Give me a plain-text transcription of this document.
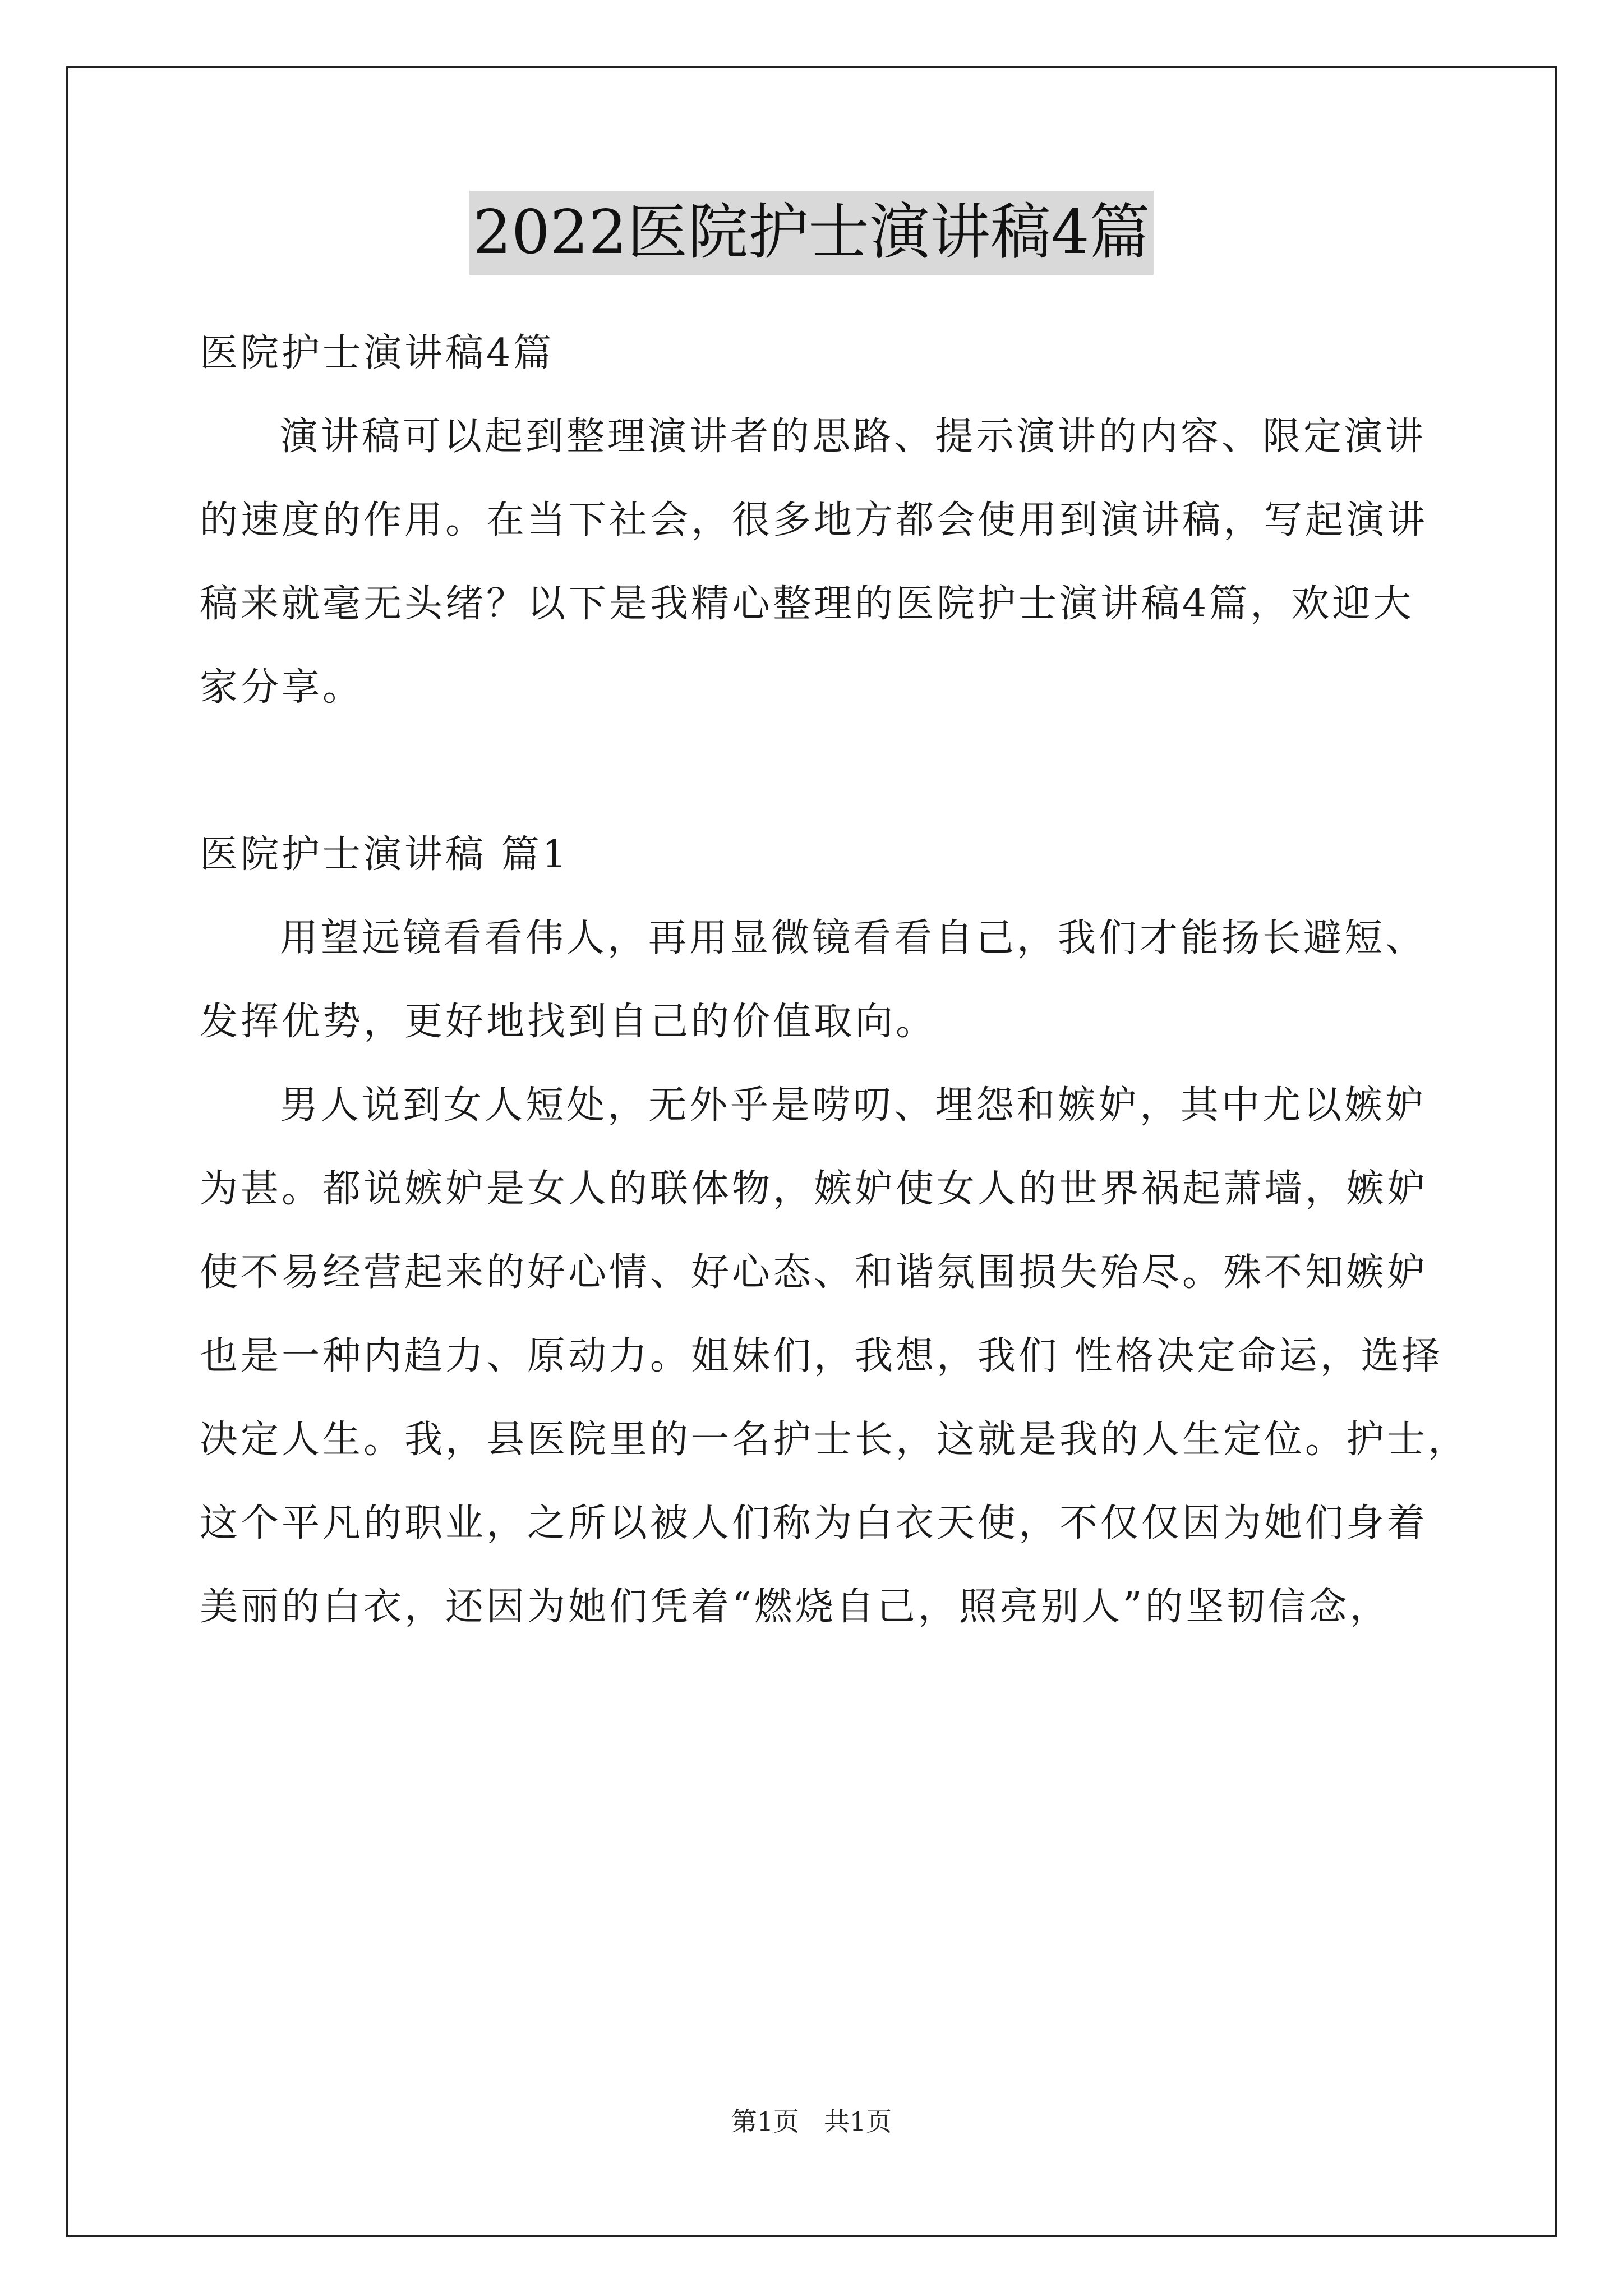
2022医院护士演讲稿4篇
医院护士演讲稿4篇
演讲稿可以起到整理演讲者的思路、提示演讲的内容、限定演讲
的速度的作用。在当下社会，很多地方都会使用到演讲稿，写起演讲
稿来就毫无头绪？以下是我精心整理的医院护士演讲稿4篇，欢迎大
家分享。
医院护士演讲稿 篇1
用望远镜看看伟人，再用显微镜看看自己，我们才能扬长避短、
发挥优势，更好地找到自己的价值取向。
男人说到女人短处，无外乎是唠叨、埋怨和嫉妒，其中尤以嫉妒
为甚。都说嫉妒是女人的联体物，嫉妒使女人的世界祸起萧墙，嫉妒
使不易经营起来的好心情、好心态、和谐氛围损失殆尽。殊不知嫉妒
也是一种内趋力、原动力。姐妹们，我想，我们 性格决定命运，选择
决定人生。我，县医院里的一名护士长，这就是我的人生定位。护士，
这个平凡的职业，之所以被人们称为白衣天使，不仅仅因为她们身着
美丽的白衣，还因为她们凭着“燃烧自己，照亮别人”的坚韧信念，
第1页 共1页
